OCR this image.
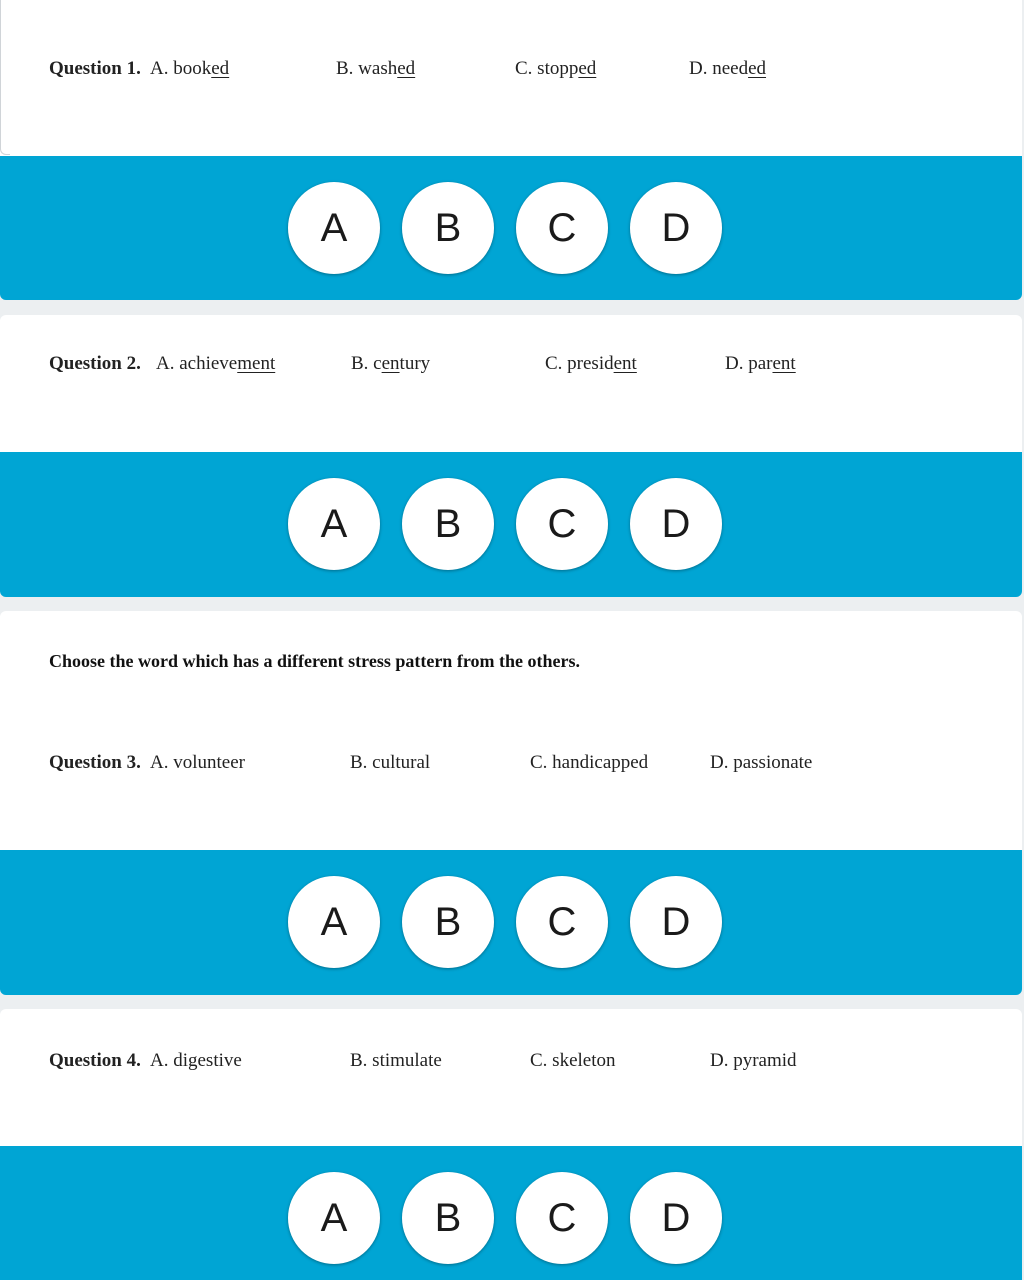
Question 1. A. booked	B. washed	C. stopped	D. needed
A	B	C	D
Question 2. A. achievement	B. century	C. president	D. parent
A	B	C	D
Choose the word which has a different stress pattern from the others.
Question 3. A. volunteer	B. cultural	C. handicapped	D. passionate
A	B	C	D
Question 4. A. digestive	B. stimulate	C. skeleton	D. pyramid
A	B	C	D
